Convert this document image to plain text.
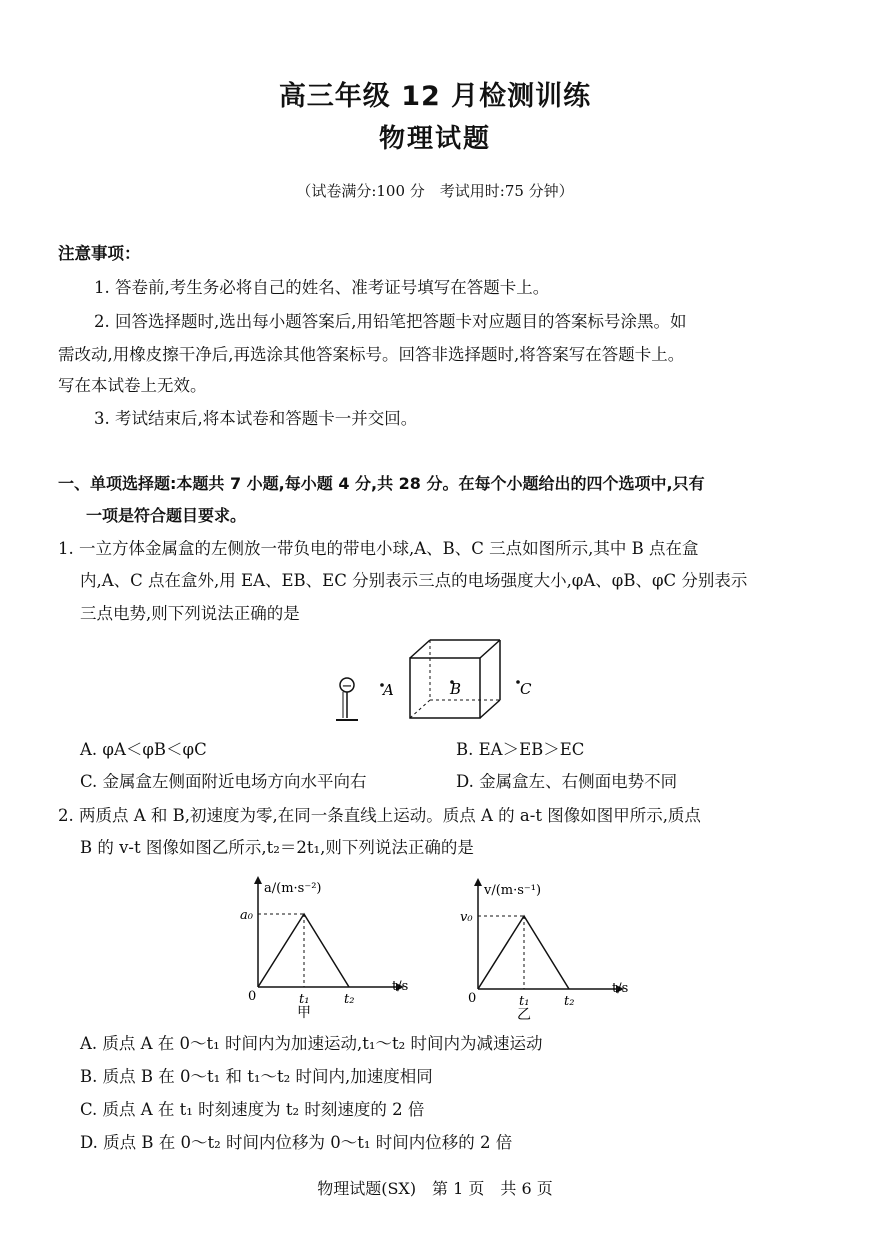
高三年级 12 月检测训练
物理试题
（试卷满分:100 分　考试用时:75 分钟）
注意事项：
1. 答卷前,考生务必将自己的姓名、准考证号填写在答题卡上。
2. 回答选择题时,选出每小题答案后,用铅笔把答题卡对应题目的答案标号涂黑。如
需改动,用橡皮擦干净后,再选涂其他答案标号。回答非选择题时,将答案写在答题卡上。
写在本试卷上无效。
3. 考试结束后,将本试卷和答题卡一并交回。
一、单项选择题:本题共 7 小题,每小题 4 分,共 28 分。在每个小题给出的四个选项中,只有
一项是符合题目要求。
1. 一立方体金属盒的左侧放一带负电的带电小球,A、B、C 三点如图所示,其中 B 点在盒
内,A、C 点在盒外,用 EA、EB、EC 分别表示三点的电场强度大小,φA、φB、φC 分别表示
三点电势,则下列说法正确的是
− A	B	C
A. φA＜φB＜φC	B. EA＞EB＞EC
C. 金属盒左侧面附近电场方向水平向右	D. 金属盒左、右侧面电势不同
2. 两质点 A 和 B,初速度为零,在同一条直线上运动。质点 A 的 a-t 图像如图甲所示,质点
B 的 v-t 图像如图乙所示,t₂＝2t₁,则下列说法正确的是
a/(m·s⁻²)
a₀
0	t₁	t₂
t/s
甲
v/(m·s⁻¹)
v₀
0	t₁	t₂
t/s
乙
A. 质点 A 在 0～t₁ 时间内为加速运动,t₁～t₂ 时间内为减速运动
B. 质点 B 在 0～t₁ 和 t₁～t₂ 时间内,加速度相同
C. 质点 A 在 t₁ 时刻速度为 t₂ 时刻速度的 2 倍
D. 质点 B 在 0～t₂ 时间内位移为 0～t₁ 时间内位移的 2 倍
物理试题(SX)　第 1 页　共 6 页
